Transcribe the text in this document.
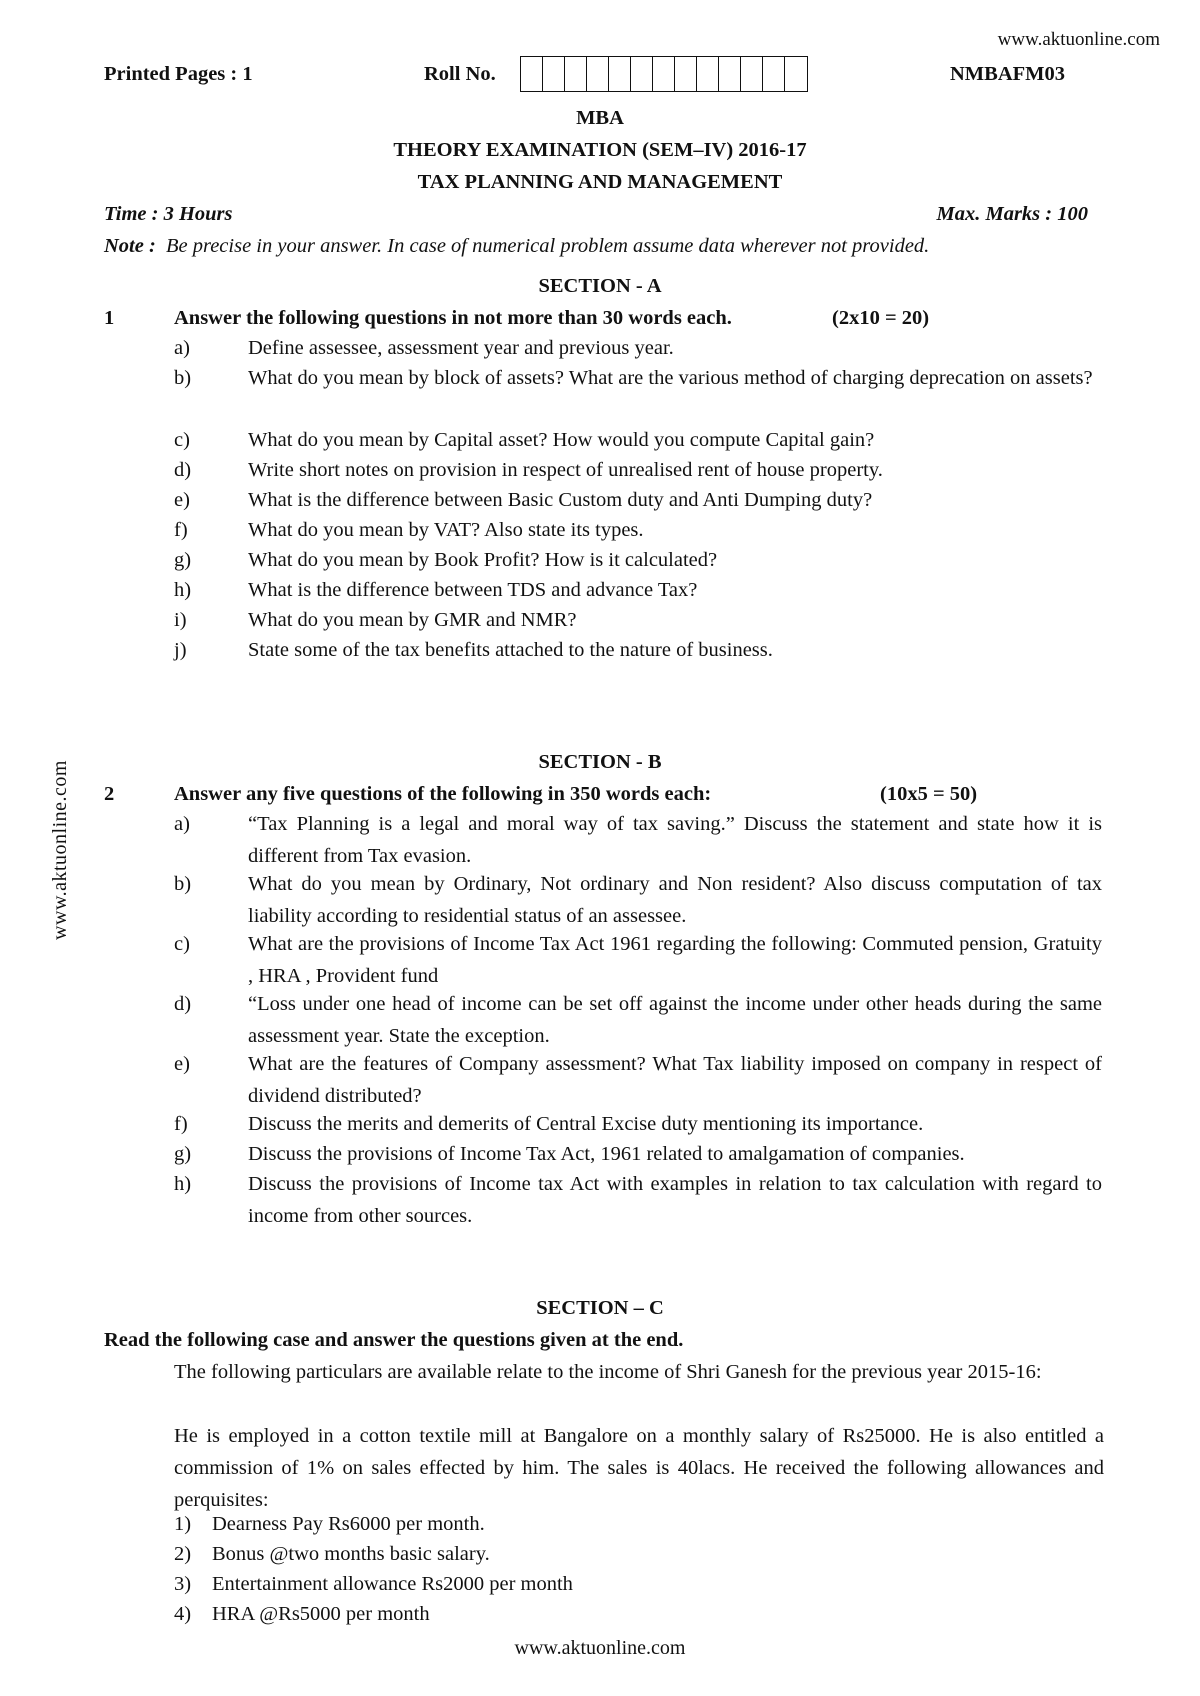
www.aktuonline.com
www.aktuonline.com
www.aktuonline.com
Printed Pages : 1	Roll No.	NMBAFM03
MBA
THEORY EXAMINATION (SEM–IV) 2016-17
TAX PLANNING AND MANAGEMENT
Time : 3 Hours	Max. Marks : 100
Note : Be precise in your answer. In case of numerical problem assume data wherever not provided.
SECTION - A
1	Answer the following questions in not more than 30 words each.	(2x10 = 20)
a)	Define assessee, assessment year and previous year.
b)	What do you mean by block of assets? What are the various method of charging deprecation on assets?
c)	What do you mean by Capital asset? How would you compute Capital gain?
d)	Write short notes on provision in respect of unrealised rent of house property.
e)	What is the difference between Basic Custom duty and Anti Dumping duty?
f)	What do you mean by VAT? Also state its types.
g)	What do you mean by Book Profit? How is it calculated?
h)	What is the difference between TDS and advance Tax?
i)	What do you mean by GMR and NMR?
j)	State some of the tax benefits attached to the nature of business.
SECTION - B
2	Answer any five questions of the following in 350 words each:	(10x5 = 50)
a)	“Tax Planning is a legal and moral way of tax saving.” Discuss the statement and state how it is different from Tax evasion.
b)	What do you mean by Ordinary, Not ordinary and Non resident? Also discuss computation of tax liability according to residential status of an assessee.
c)	What are the provisions of Income Tax Act 1961 regarding the following: Commuted pension, Gratuity , HRA , Provident fund
d)	“Loss under one head of income can be set off against the income under other heads during the same assessment year. State the exception.
e)	What are the features of Company assessment? What Tax liability imposed on company in respect of dividend distributed?
f)	Discuss the merits and demerits of Central Excise duty mentioning its importance.
g)	Discuss the provisions of Income Tax Act, 1961 related to amalgamation of companies.
h)	Discuss the provisions of Income tax Act with examples in relation to tax calculation with regard to income from other sources.
SECTION – C
Read the following case and answer the questions given at the end.
The following particulars are available relate to the income of Shri Ganesh for the previous year 2015-16:
He is employed in a cotton textile mill at Bangalore on a monthly salary of Rs25000. He is also entitled a commission of 1% on sales effected by him. The sales is 40lacs. He received the following allowances and perquisites:
1) Dearness Pay Rs6000 per month.
2) Bonus @two months basic salary.
3) Entertainment allowance Rs2000 per month
4) HRA @Rs5000 per month
